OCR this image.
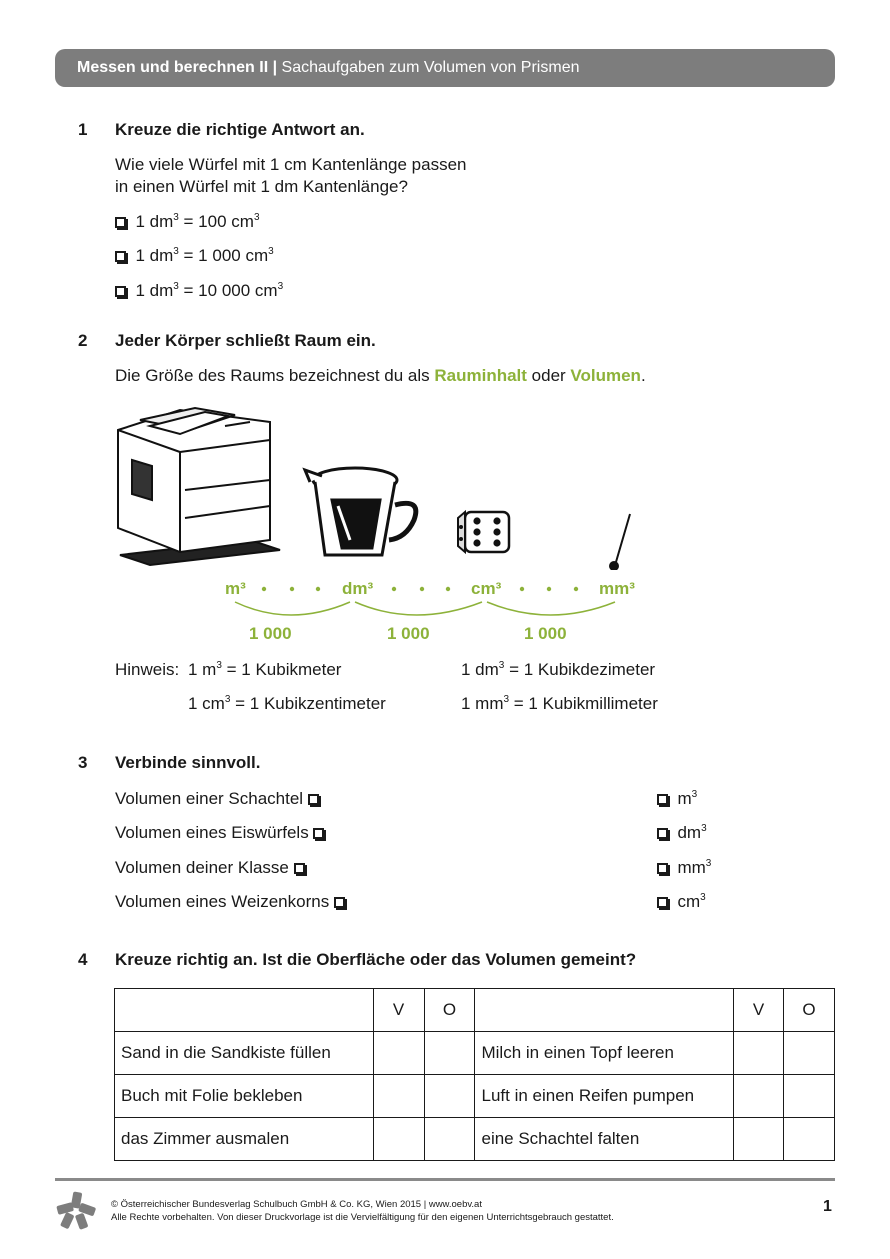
Messen und berechnen II | Sachaufgaben zum Volumen von Prismen
1 Kreuze die richtige Antwort an.
Wie viele Würfel mit 1 cm Kantenlänge passen
in einen Würfel mit 1 dm Kantenlänge?
1 $dm^3 = 100$ $cm^3$
1 $dm^3 = 1$ 000 $cm^3$
1 $dm^3 = 10$ 000 $cm^3$
2 Jeder Körper schließt Raum ein.
Die Größe des Raums bezeichnest du als Rauminhalt oder Volumen.
m³	dm³	cm³	mm³
1 000	1 000	1 000
Hinweis: 1 $m^3 = 1$ Kubikmeter	1 $dm^3 = 1$ Kubikdezimeter
1 $cm^3 = 1$ Kubikzentimeter	1 $mm^3 = 1$ Kubikmillimeter
3 Verbinde sinnvoll.
Volumen einer Schachtel
Volumen eines Eiswürfels
Volumen deiner Klasse
Volumen eines Weizenkorns
$m^3$
$dm^3$
$mm^3$
$cm^3$
4 Kreuze richtig an. Ist die Oberfläche oder das Volumen gemeint?
	V	O		V	O
Sand in die Sandkiste füllen			Milch in einen Topf leeren		
Buch mit Folie bekleben			Luft in einen Reifen pumpen		
das Zimmer ausmalen			eine Schachtel falten		
© Österreichischer Bundesverlag Schulbuch GmbH & Co. KG, Wien 2015 | www.oebv.at
Alle Rechte vorbehalten. Von dieser Druckvorlage ist die Vervielfältigung für den eigenen Unterrichtsgebrauch gestattet.
1
